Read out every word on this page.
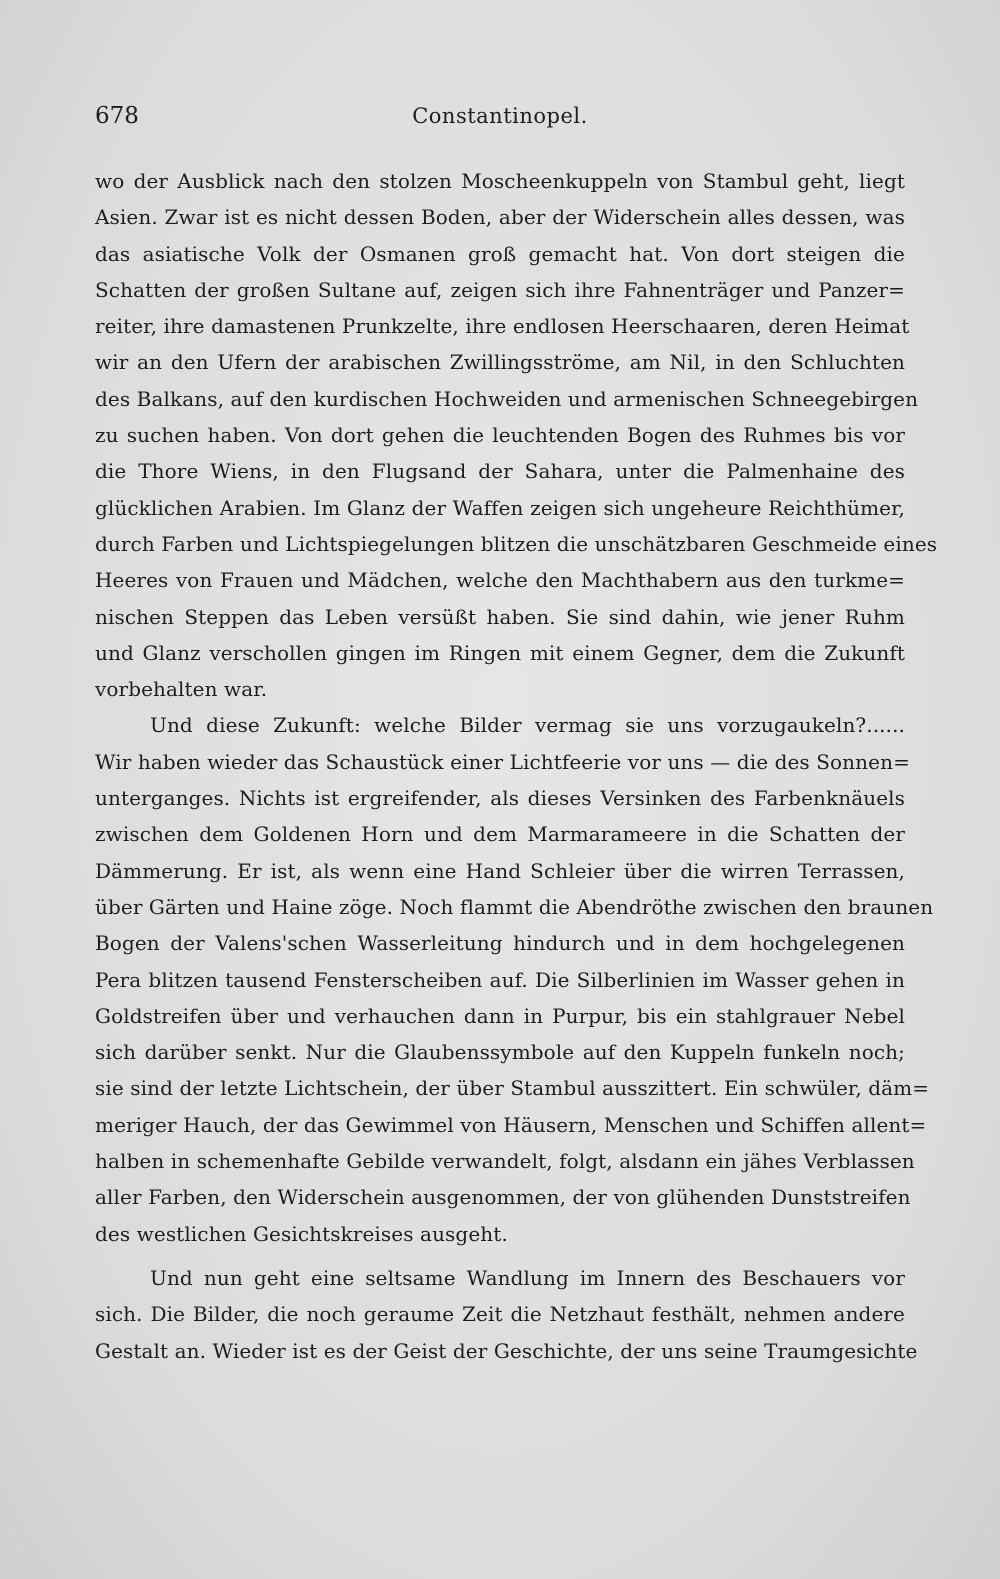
678	Constantinopel.
wo der Ausblick nach den stolzen Moscheenkuppeln von Stambul geht, liegt
Asien. Zwar ist es nicht dessen Boden, aber der Widerschein alles dessen, was
das asiatische Volk der Osmanen groß gemacht hat. Von dort steigen die
Schatten der großen Sultane auf, zeigen sich ihre Fahnenträger und Panzer=
reiter, ihre damastenen Prunkzelte, ihre endlosen Heerschaaren, deren Heimat
wir an den Ufern der arabischen Zwillingsströme, am Nil, in den Schluchten
des Balkans, auf den kurdischen Hochweiden und armenischen Schneegebirgen
zu suchen haben. Von dort gehen die leuchtenden Bogen des Ruhmes bis vor
die Thore Wiens, in den Flugsand der Sahara, unter die Palmenhaine des
glücklichen Arabien. Im Glanz der Waffen zeigen sich ungeheure Reichthümer,
durch Farben und Lichtspiegelungen blitzen die unschätzbaren Geschmeide eines
Heeres von Frauen und Mädchen, welche den Machthabern aus den turkme=
nischen Steppen das Leben versüßt haben. Sie sind dahin, wie jener Ruhm
und Glanz verschollen gingen im Ringen mit einem Gegner, dem die Zukunft
vorbehalten war.
Und diese Zukunft: welche Bilder vermag sie uns vorzugaukeln?......
Wir haben wieder das Schaustück einer Lichtfeerie vor uns — die des Sonnen=
unterganges. Nichts ist ergreifender, als dieses Versinken des Farbenknäuels
zwischen dem Goldenen Horn und dem Marmarameere in die Schatten der
Dämmerung. Er ist, als wenn eine Hand Schleier über die wirren Terrassen,
über Gärten und Haine zöge. Noch flammt die Abendröthe zwischen den braunen
Bogen der Valens'schen Wasserleitung hindurch und in dem hochgelegenen
Pera blitzen tausend Fensterscheiben auf. Die Silberlinien im Wasser gehen in
Goldstreifen über und verhauchen dann in Purpur, bis ein stahlgrauer Nebel
sich darüber senkt. Nur die Glaubenssymbole auf den Kuppeln funkeln noch;
sie sind der letzte Lichtschein, der über Stambul ausszittert. Ein schwüler, däm=
meriger Hauch, der das Gewimmel von Häusern, Menschen und Schiffen allent=
halben in schemenhafte Gebilde verwandelt, folgt, alsdann ein jähes Verblassen
aller Farben, den Widerschein ausgenommen, der von glühenden Dunststreifen
des westlichen Gesichtskreises ausgeht.
Und nun geht eine seltsame Wandlung im Innern des Beschauers vor
sich. Die Bilder, die noch geraume Zeit die Netzhaut festhält, nehmen andere
Gestalt an. Wieder ist es der Geist der Geschichte, der uns seine Traumgesichte
